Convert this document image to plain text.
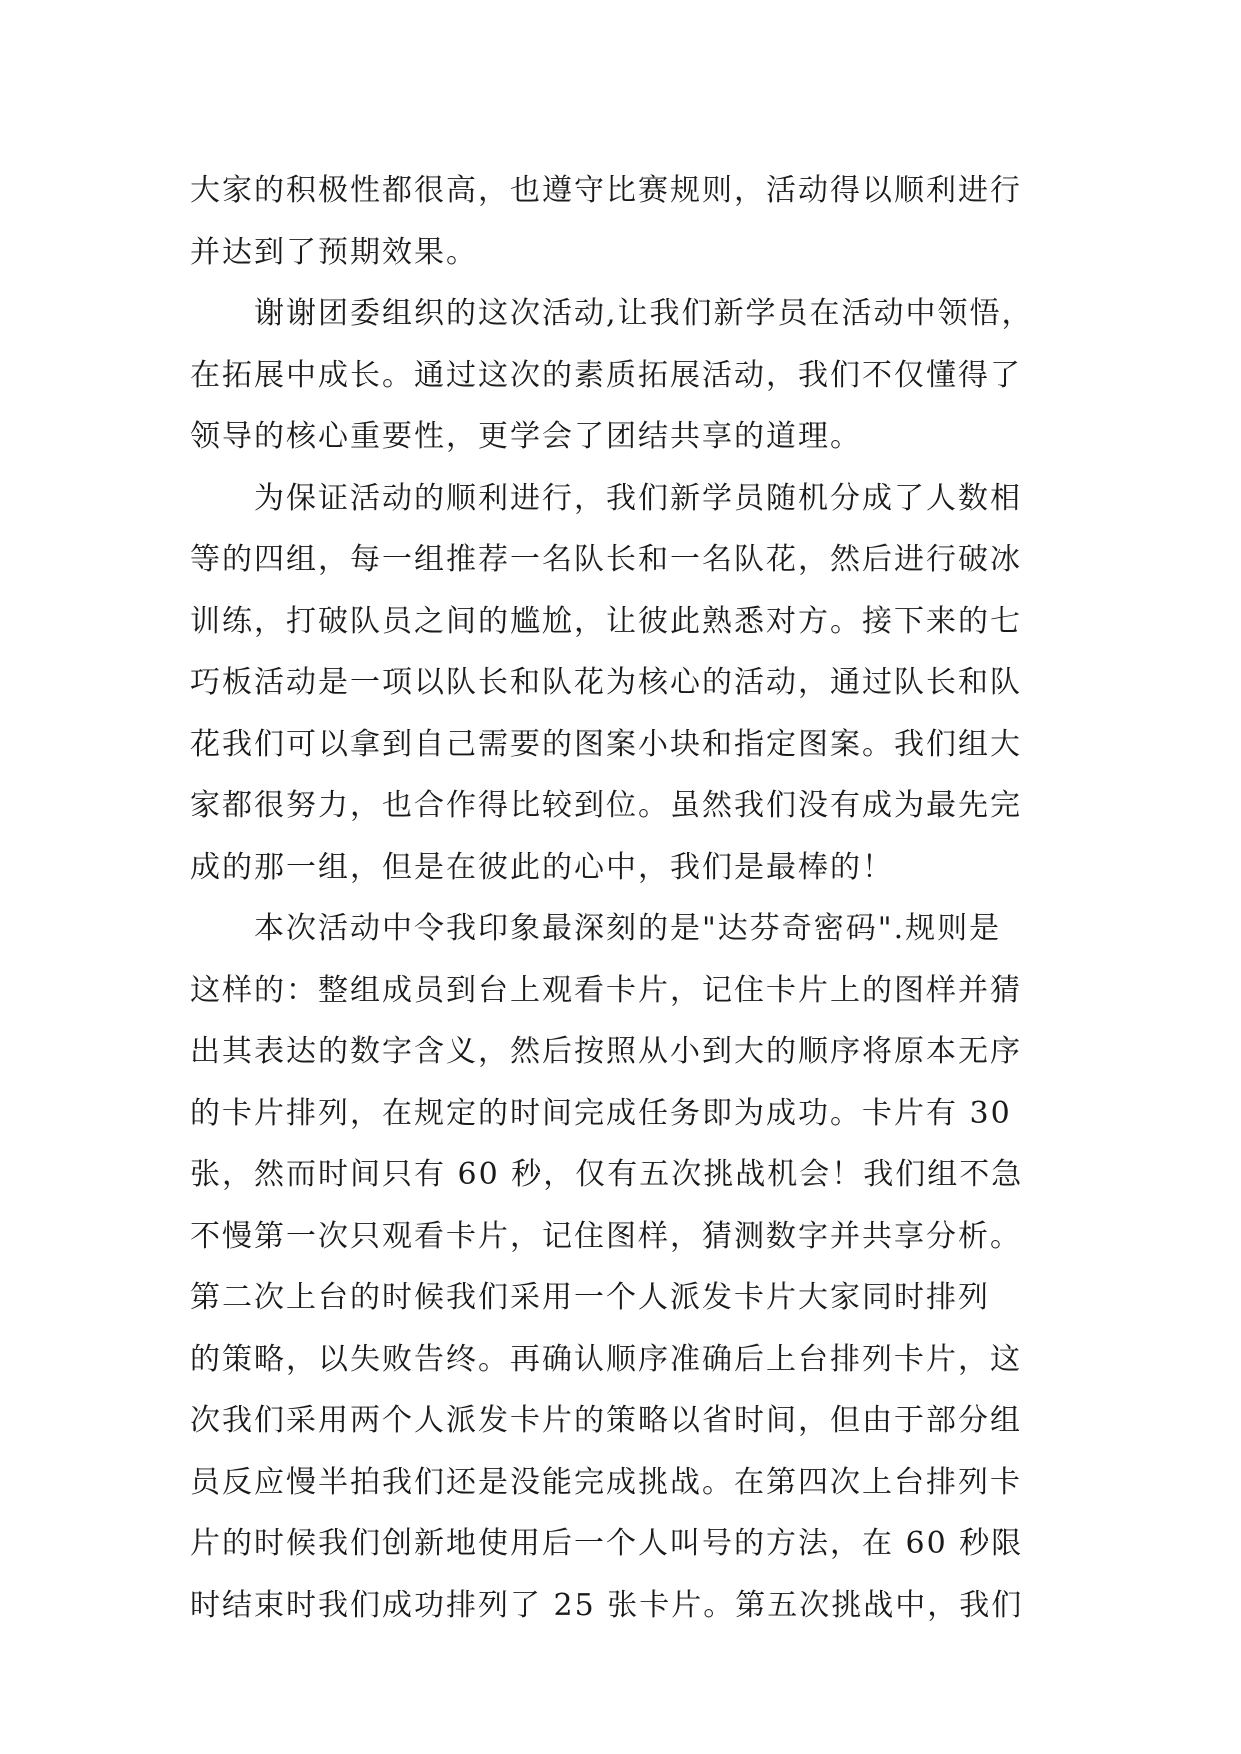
大家的积极性都很高，也遵守比赛规则，活动得以顺利进行
并达到了预期效果。
谢谢团委组织的这次活动,让我们新学员在活动中领悟，
在拓展中成长。通过这次的素质拓展活动，我们不仅懂得了
领导的核心重要性，更学会了团结共享的道理。
为保证活动的顺利进行，我们新学员随机分成了人数相
等的四组，每一组推荐一名队长和一名队花，然后进行破冰
训练，打破队员之间的尴尬，让彼此熟悉对方。接下来的七
巧板活动是一项以队长和队花为核心的活动，通过队长和队
花我们可以拿到自己需要的图案小块和指定图案。我们组大
家都很努力，也合作得比较到位。虽然我们没有成为最先完
成的那一组，但是在彼此的心中，我们是最棒的！
本次活动中令我印象最深刻的是"达芬奇密码".规则是
这样的：整组成员到台上观看卡片，记住卡片上的图样并猜
出其表达的数字含义，然后按照从小到大的顺序将原本无序
的卡片排列，在规定的时间完成任务即为成功。卡片有 30
张，然而时间只有 60 秒，仅有五次挑战机会！我们组不急
不慢第一次只观看卡片，记住图样，猜测数字并共享分析。
第二次上台的时候我们采用一个人派发卡片大家同时排列
的策略，以失败告终。再确认顺序准确后上台排列卡片，这
次我们采用两个人派发卡片的策略以省时间，但由于部分组
员反应慢半拍我们还是没能完成挑战。在第四次上台排列卡
片的时候我们创新地使用后一个人叫号的方法，在 60 秒限
时结束时我们成功排列了 25 张卡片。第五次挑战中，我们
